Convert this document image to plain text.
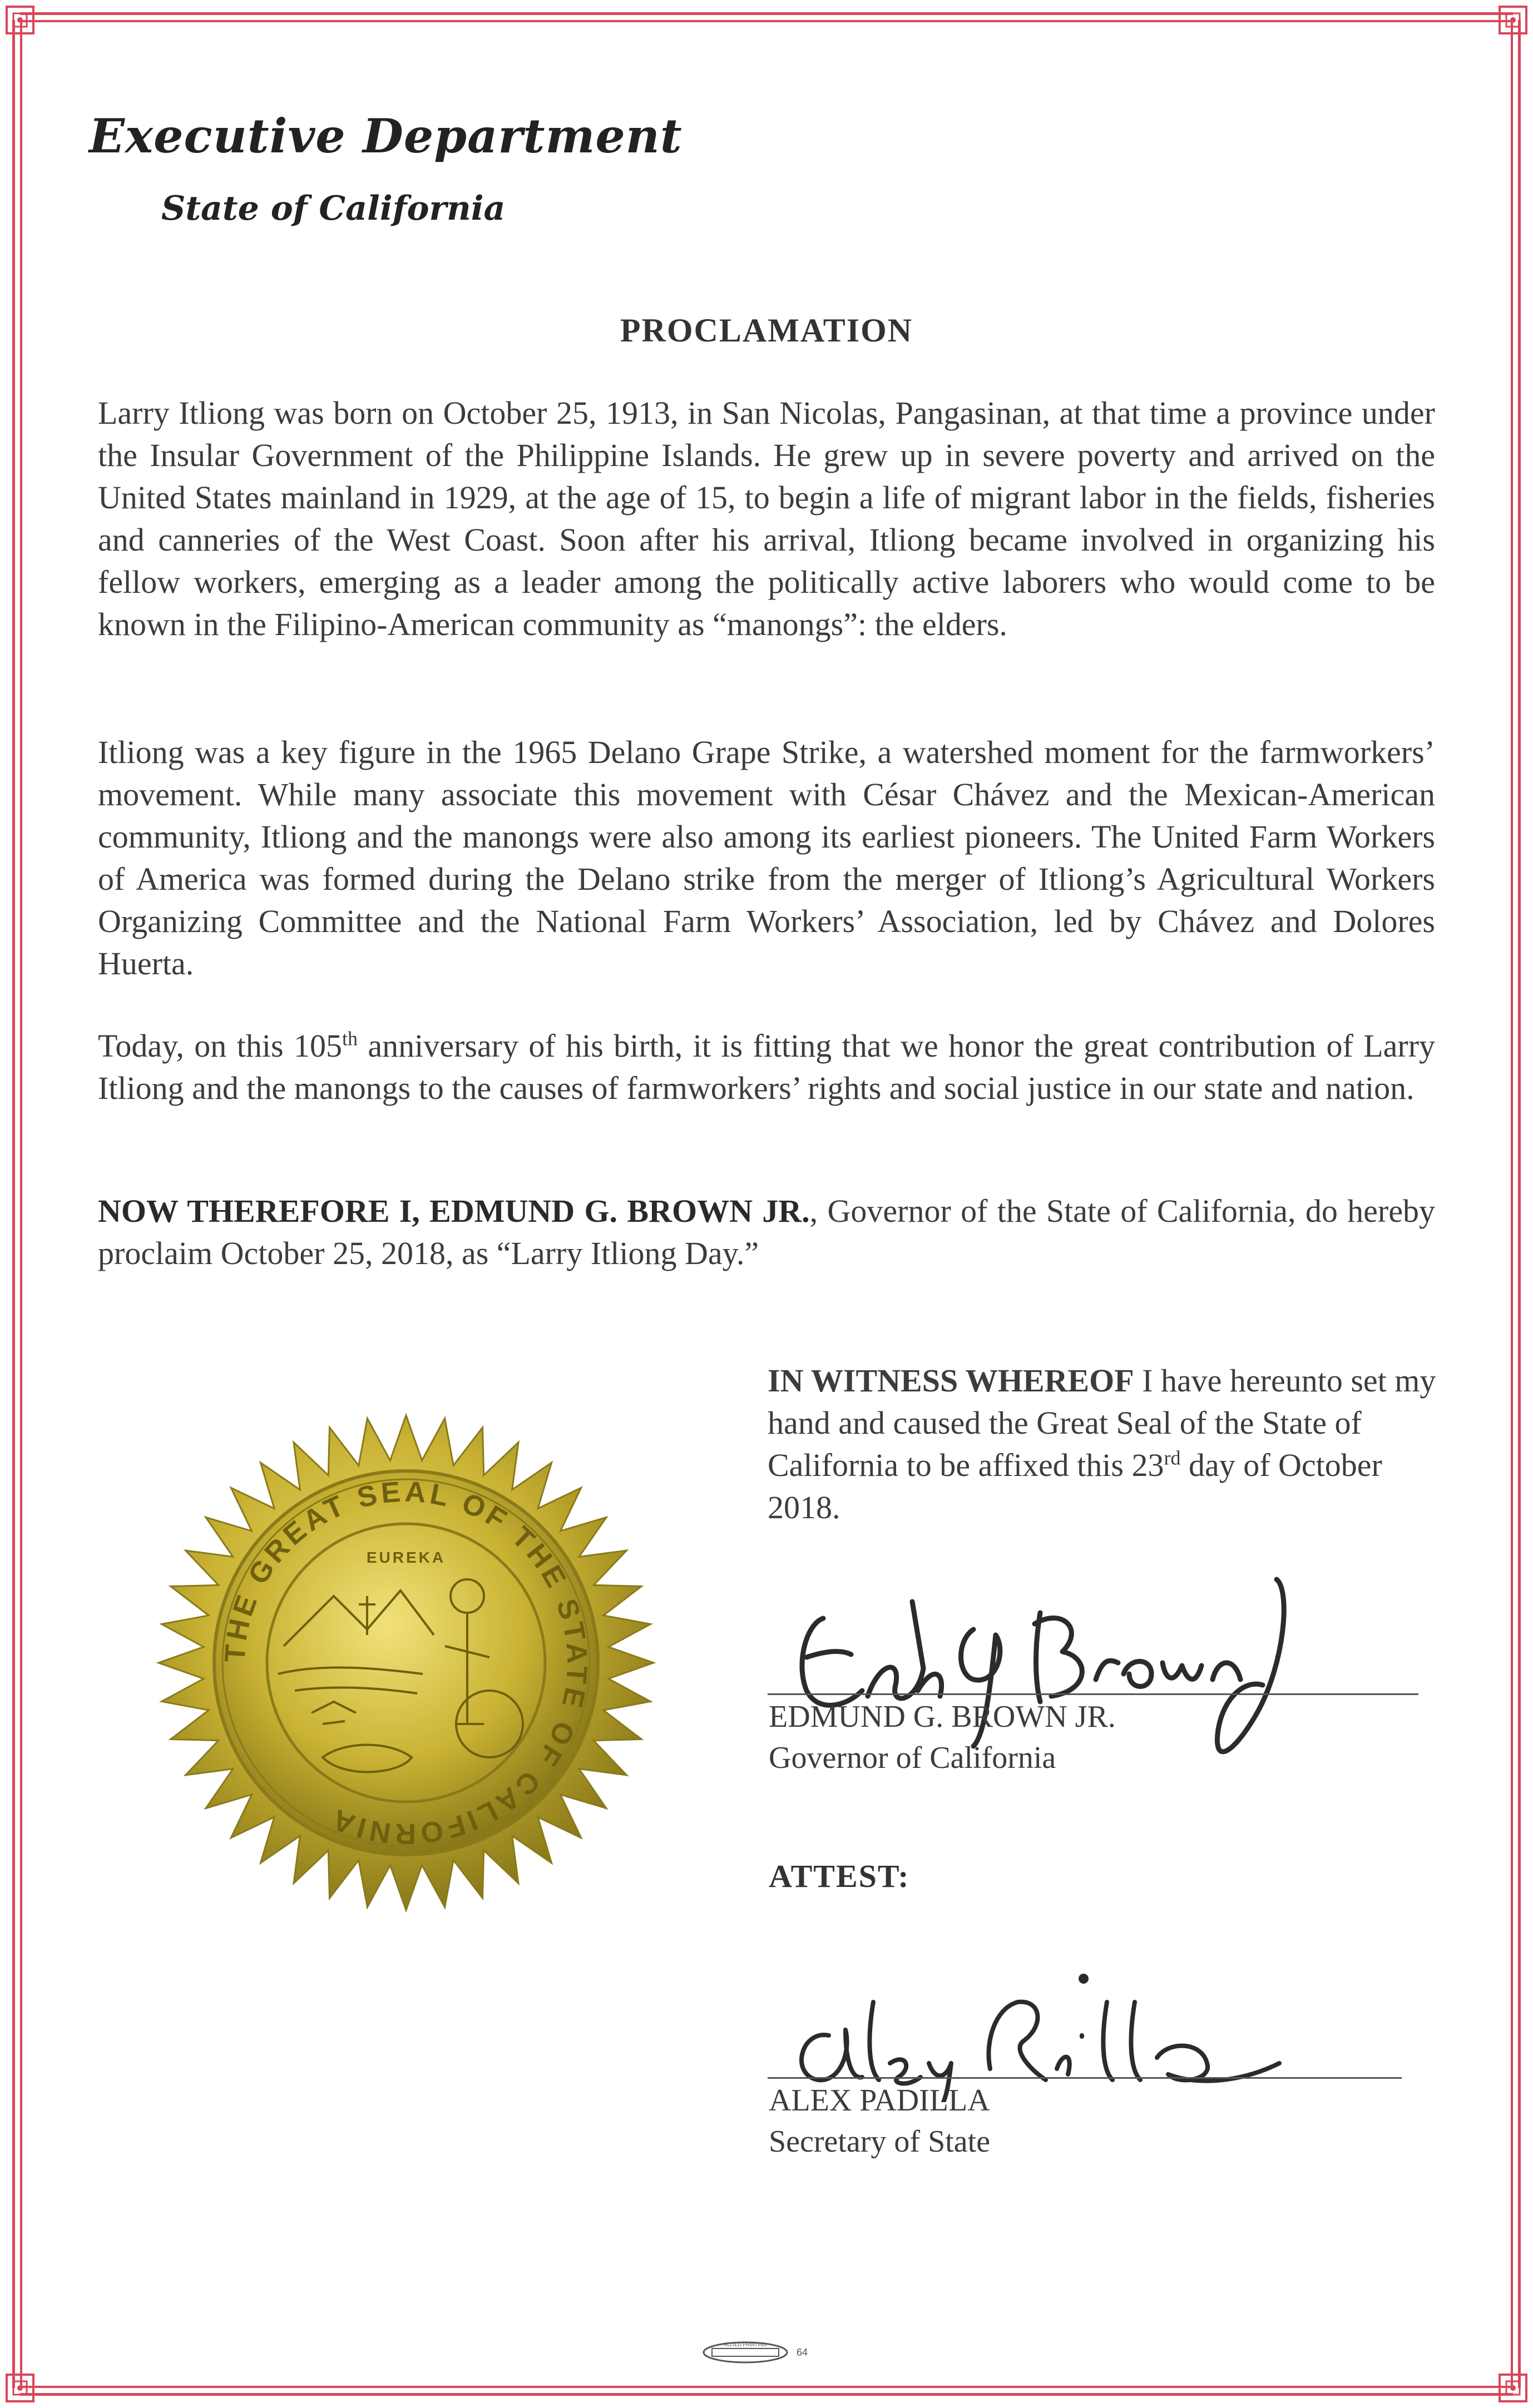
Executive Department
State of California
PROCLAMATION
Larry Itliong was born on October 25, 1913, in San Nicolas, Pangasinan, at that time a province under the Insular Government of the Philippine Islands. He grew up in severe poverty and arrived on the United States mainland in 1929, at the age of 15, to begin a life of migrant labor in the fields, fisheries and canneries of the West Coast. Soon after his arrival, Itliong became involved in organizing his fellow workers, emerging as a leader among the politically active laborers who would come to be known in the Filipino-American community as “manongs”: the elders.
Itliong was a key figure in the 1965 Delano Grape Strike, a watershed moment for the farmworkers’ movement. While many associate this movement with César Chávez and the Mexican-American community, Itliong and the manongs were also among its earliest pioneers. The United Farm Workers of America was formed during the Delano strike from the merger of Itliong’s Agricultural Workers Organizing Committee and the National Farm Workers’ Association, led by Chávez and Dolores Huerta.
Today, on this 105th anniversary of his birth, it is fitting that we honor the great contribution of Larry Itliong and the manongs to the causes of farmworkers’ rights and social justice in our state and nation.
NOW THEREFORE I, EDMUND G. BROWN JR., Governor of the State of California, do hereby proclaim October 25, 2018, as “Larry Itliong Day.”
IN WITNESS WHEREOF I have hereunto set my hand and caused the Great Seal of the State of California to be affixed this 23rd day of October 2018.
EDMUND G. BROWN JR.
Governor of California
ATTEST:
ALEX PADILLA
Secretary of State
THE GREAT SEAL OF THE STATE OF CALIFORNIA
EUREKA
ALLIED PRINTING
64
